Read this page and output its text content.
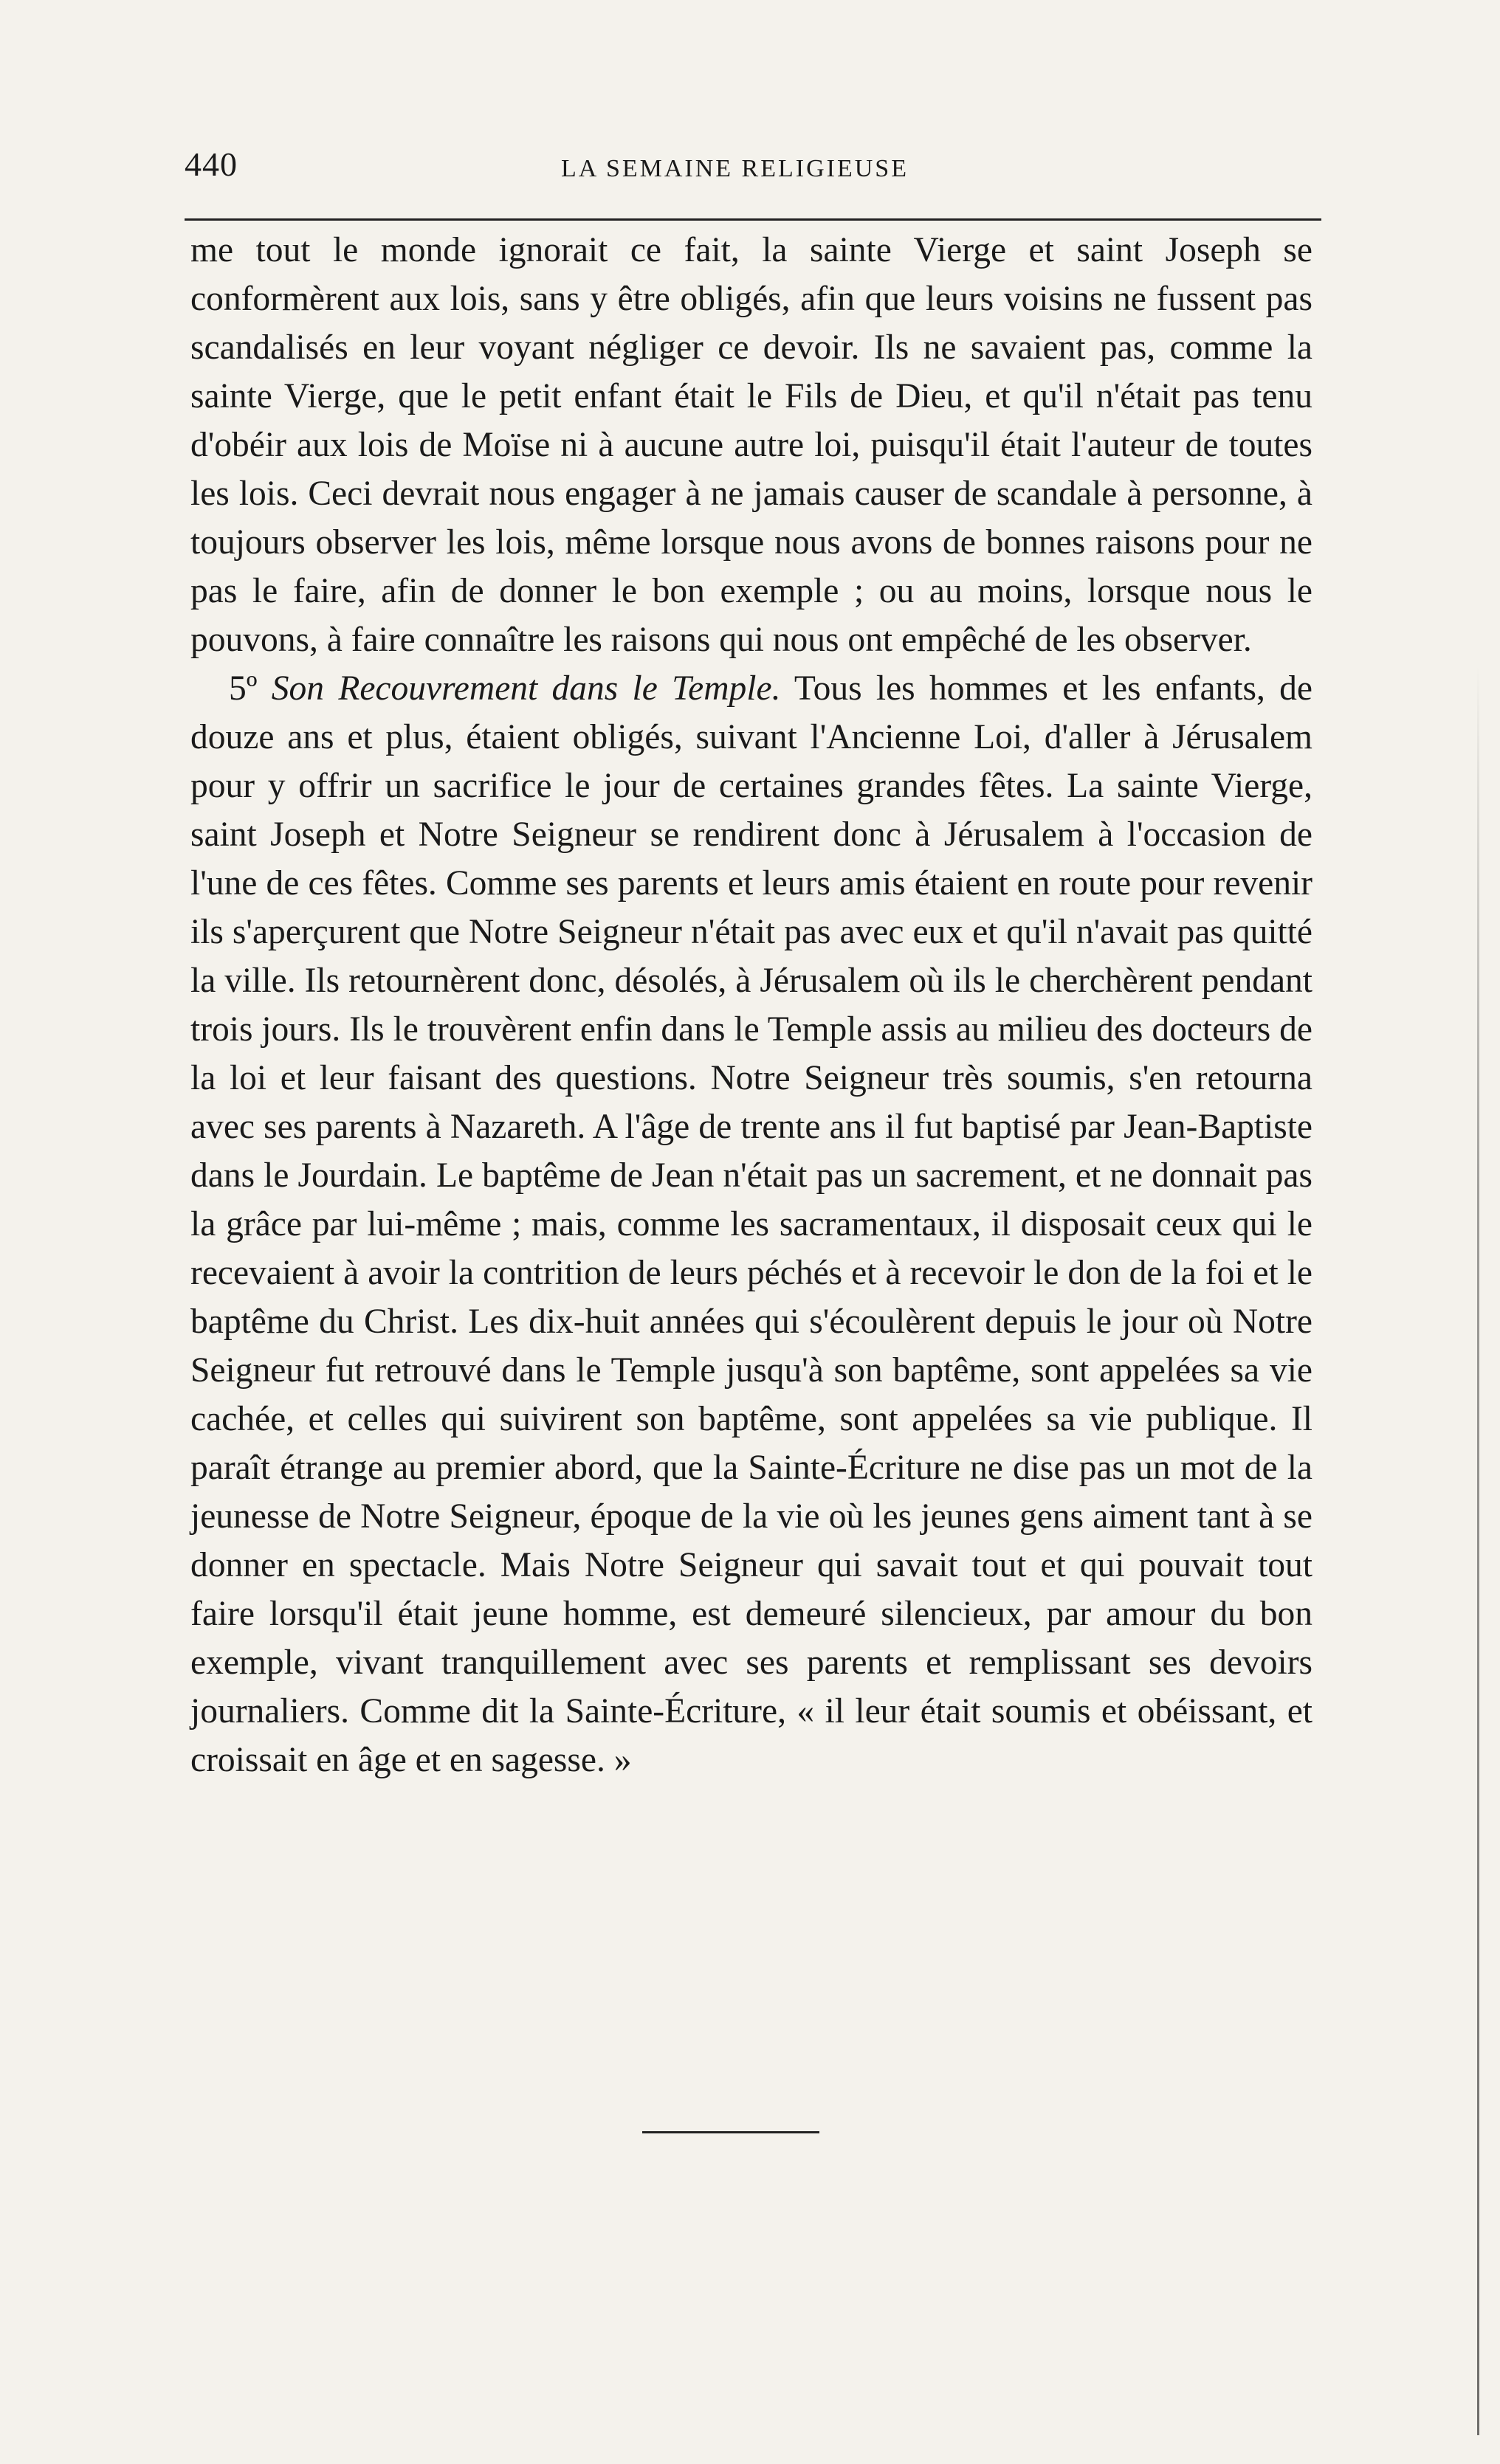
440	LA SEMAINE RELIGIEUSE

me tout le monde ignorait ce fait, la sainte Vierge et saint Joseph se conformèrent aux lois, sans y être obligés, afin que leurs voisins ne fussent pas scandalisés en leur voyant négliger ce devoir. Ils ne savaient pas, comme la sainte Vierge, que le petit enfant était le Fils de Dieu, et qu'il n'était pas tenu d'obéir aux lois de Moïse ni à aucune autre loi, puisqu'il était l'auteur de toutes les lois. Ceci devrait nous engager à ne jamais causer de scandale à personne, à toujours observer les lois, même lorsque nous avons de bonnes raisons pour ne pas le faire, afin de donner le bon exemple ; ou au moins, lorsque nous le pouvons, à faire connaître les raisons qui nous ont empêché de les observer.

5º Son Recouvrement dans le Temple. Tous les hommes et les enfants, de douze ans et plus, étaient obligés, suivant l'Ancienne Loi, d'aller à Jérusalem pour y offrir un sacrifice le jour de certaines grandes fêtes. La sainte Vierge, saint Joseph et Notre Seigneur se rendirent donc à Jérusalem à l'occasion de l'une de ces fêtes. Comme ses parents et leurs amis étaient en route pour revenir ils s'aperçurent que Notre Seigneur n'était pas avec eux et qu'il n'avait pas quitté la ville. Ils retournèrent donc, désolés, à Jérusalem où ils le cherchèrent pendant trois jours. Ils le trouvèrent enfin dans le Temple assis au milieu des docteurs de la loi et leur faisant des questions. Notre Seigneur très soumis, s'en retourna avec ses parents à Nazareth. A l'âge de trente ans il fut baptisé par Jean-Baptiste dans le Jourdain. Le baptême de Jean n'était pas un sacrement, et ne donnait pas la grâce par lui-même ; mais, comme les sacramentaux, il disposait ceux qui le recevaient à avoir la contrition de leurs péchés et à recevoir le don de la foi et le baptême du Christ. Les dix-huit années qui s'écoulèrent depuis le jour où Notre Seigneur fut retrouvé dans le Temple jusqu'à son baptême, sont appelées sa vie cachée, et celles qui suivirent son baptême, sont appelées sa vie publique. Il paraît étrange au premier abord, que la Sainte-Écriture ne dise pas un mot de la jeunesse de Notre Seigneur, époque de la vie où les jeunes gens aiment tant à se donner en spectacle. Mais Notre Seigneur qui savait tout et qui pouvait tout faire lorsqu'il était jeune homme, est demeuré silencieux, par amour du bon exemple, vivant tranquillement avec ses parents et remplissant ses devoirs journaliers. Comme dit la Sainte-Écriture, « il leur était soumis et obéissant, et croissait en âge et en sagesse. »
